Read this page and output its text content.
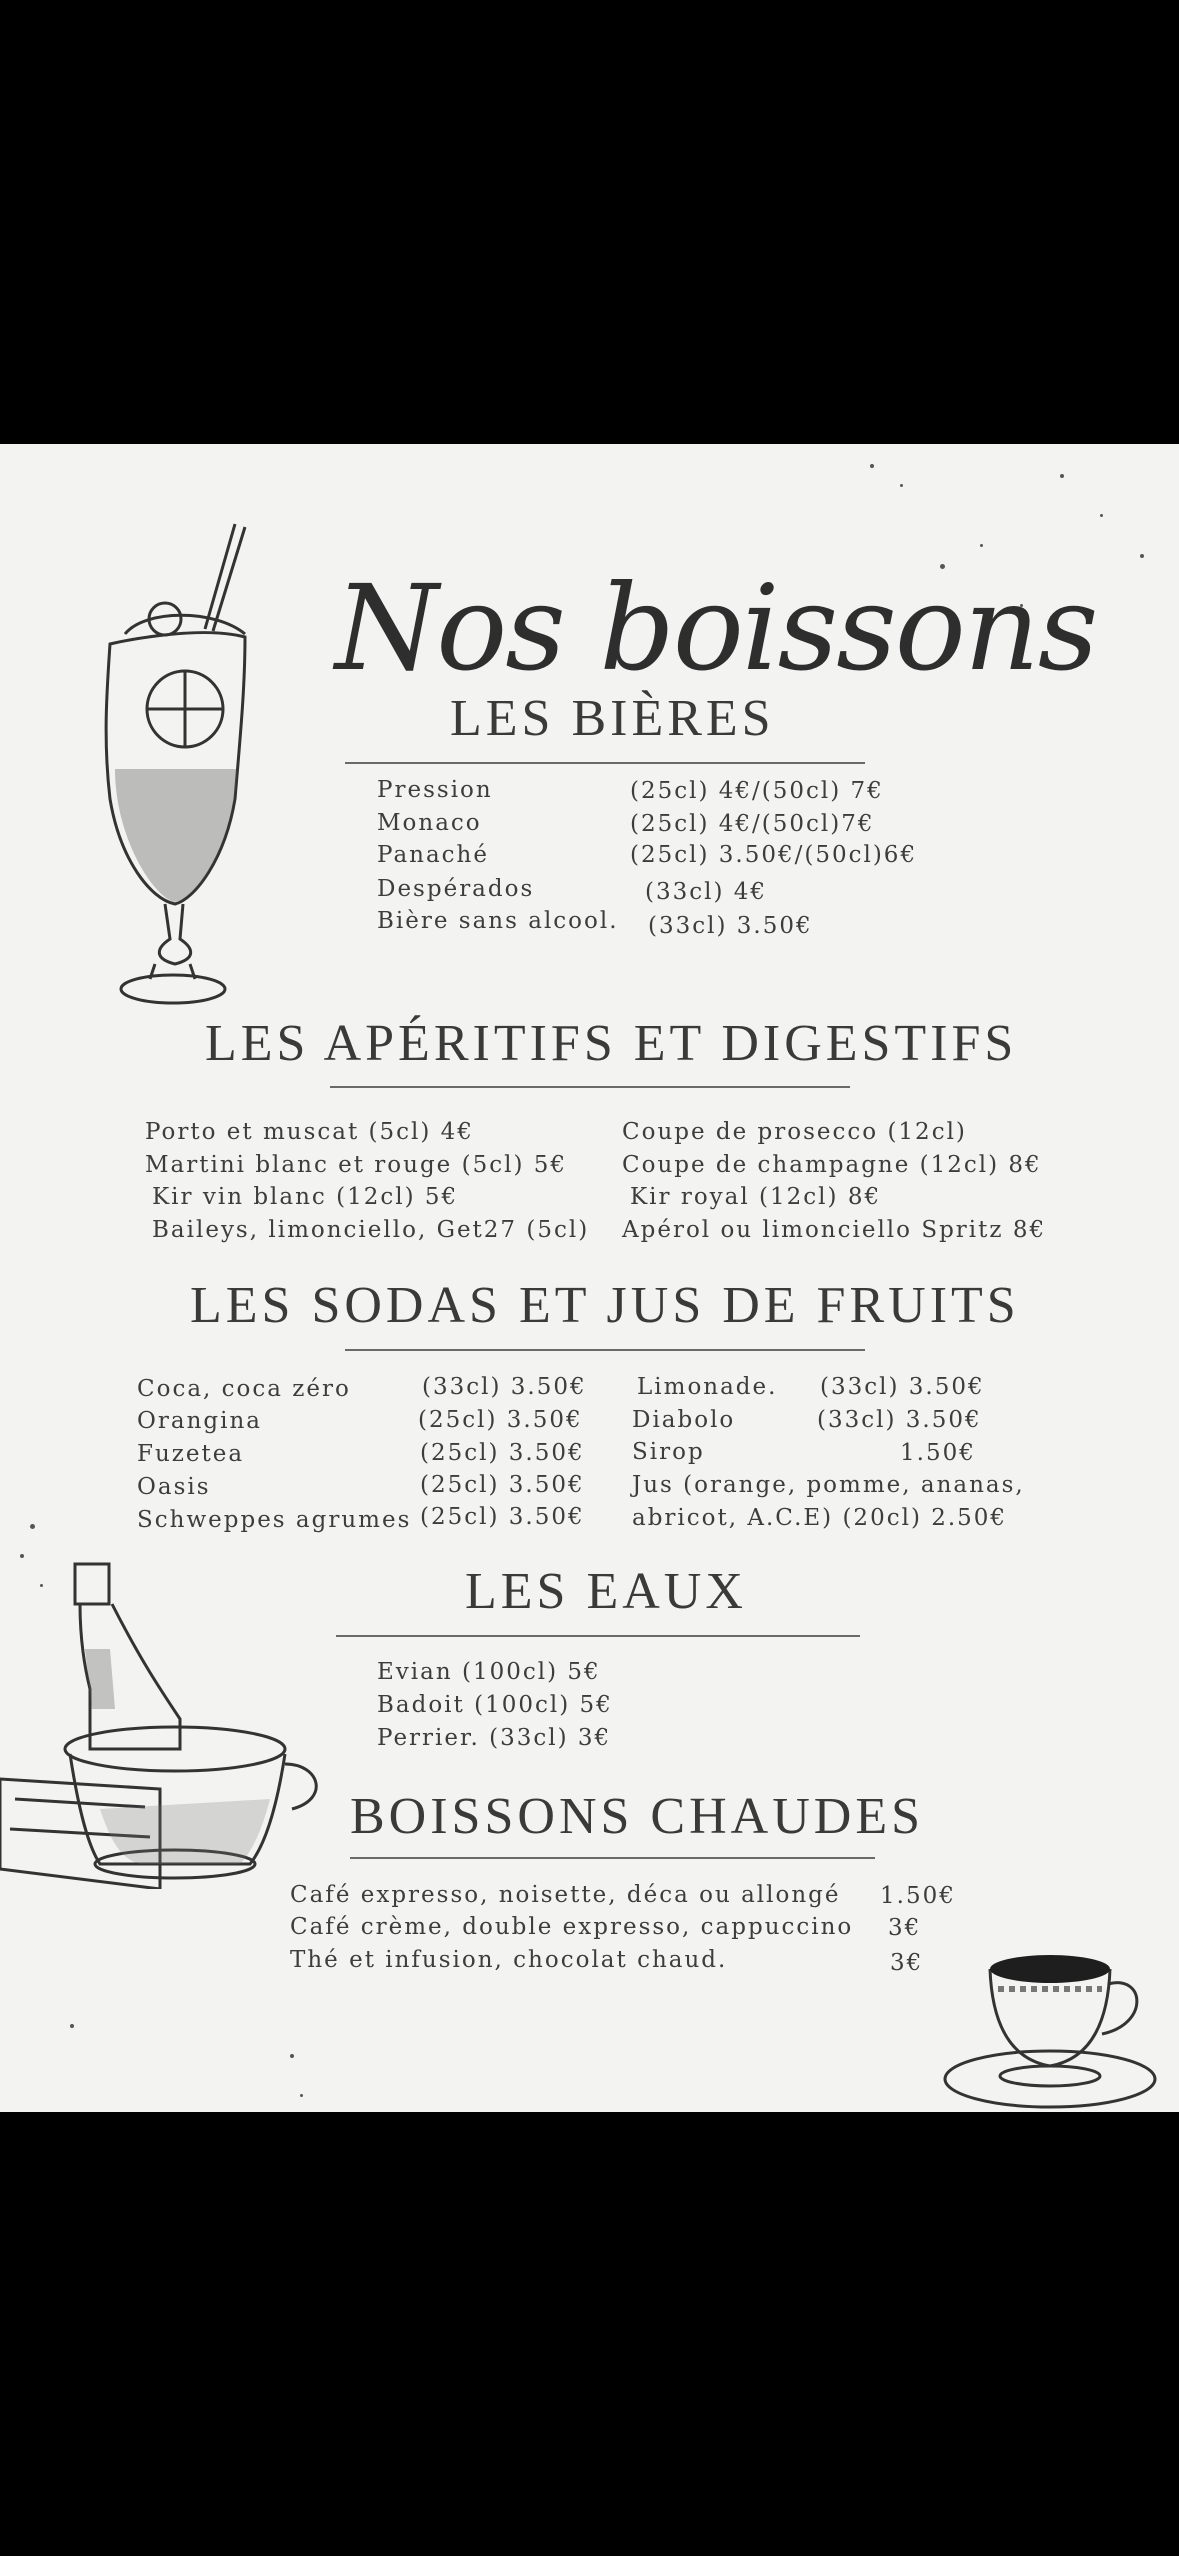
Nos boissons
LES BIÈRES
Pression	(25cl) 4€/(50cl) 7€
Monaco	(25cl) 4€/(50cl)7€
Panaché	(25cl) 3.50€/(50cl)6€
Despérados	(33cl) 4€
Bière sans alcool. (33cl) 3.50€
LES APÉRITIFS ET DIGESTIFS
Porto et muscat (5cl) 4€
Martini blanc et rouge (5cl) 5€
Kir vin blanc (12cl) 5€
Baileys, limonciello, Get27 (5cl)
Coupe de prosecco (12cl)
Coupe de champagne (12cl) 8€
Kir royal (12cl) 8€
Apérol ou limonciello Spritz 8€
LES SODAS ET JUS DE FRUITS
Coca, coca zéro	(33cl) 3.50€
Orangina	(25cl) 3.50€
Fuzetea	(25cl) 3.50€
Oasis	(25cl) 3.50€
Schweppes agrumes (25cl) 3.50€
Limonade. (33cl) 3.50€
Diabolo	(33cl) 3.50€
Sirop	1.50€
Jus (orange, pomme, ananas,
abricot, A.C.E) (20cl) 2.50€
LES EAUX
Evian (100cl) 5€
Badoit (100cl) 5€
Perrier. (33cl) 3€
BOISSONS CHAUDES
Café expresso, noisette, déca ou allongé 1.50€
Café crème, double expresso, cappuccino 3€
Thé et infusion, chocolat chaud.	3€
